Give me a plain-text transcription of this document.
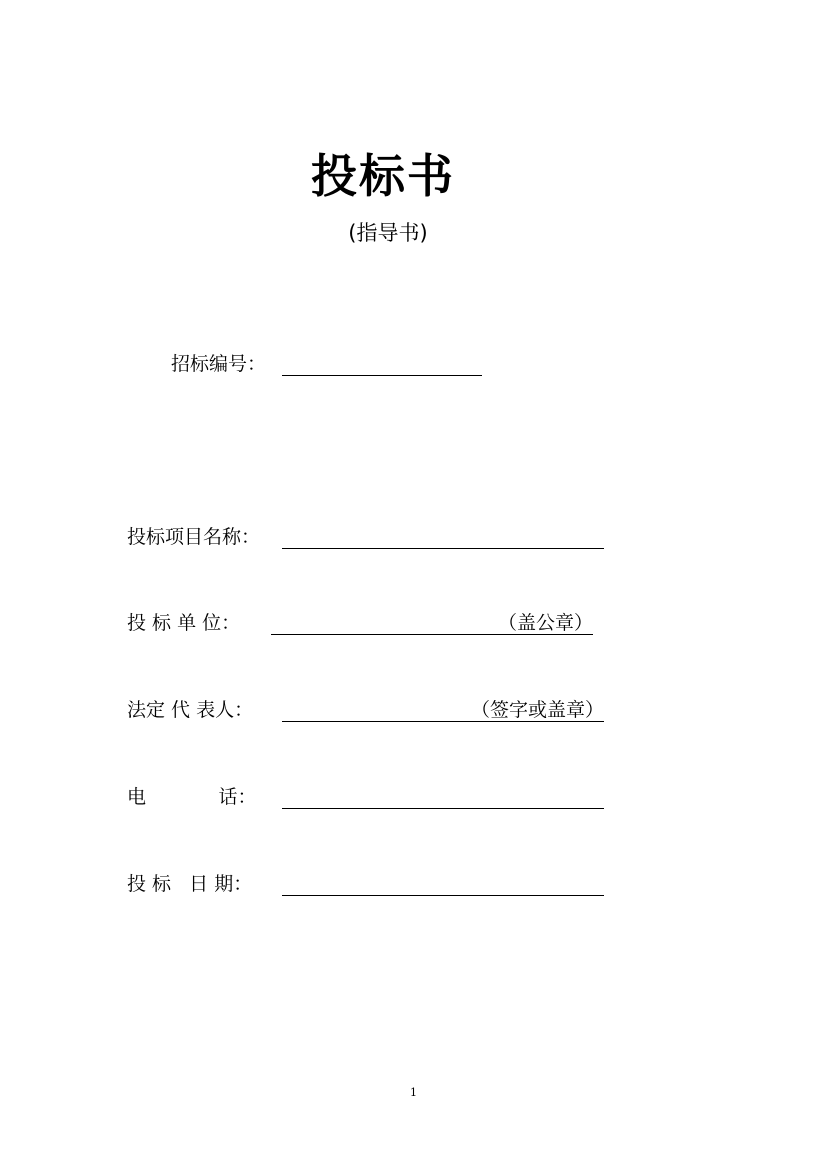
投标书
(指导书)
招标编号：
投标项目名称：
投 标 单 位：	（盖公章）
法定 代 表人：	（签字或盖章）
电            话：
投 标   日 期：
1
